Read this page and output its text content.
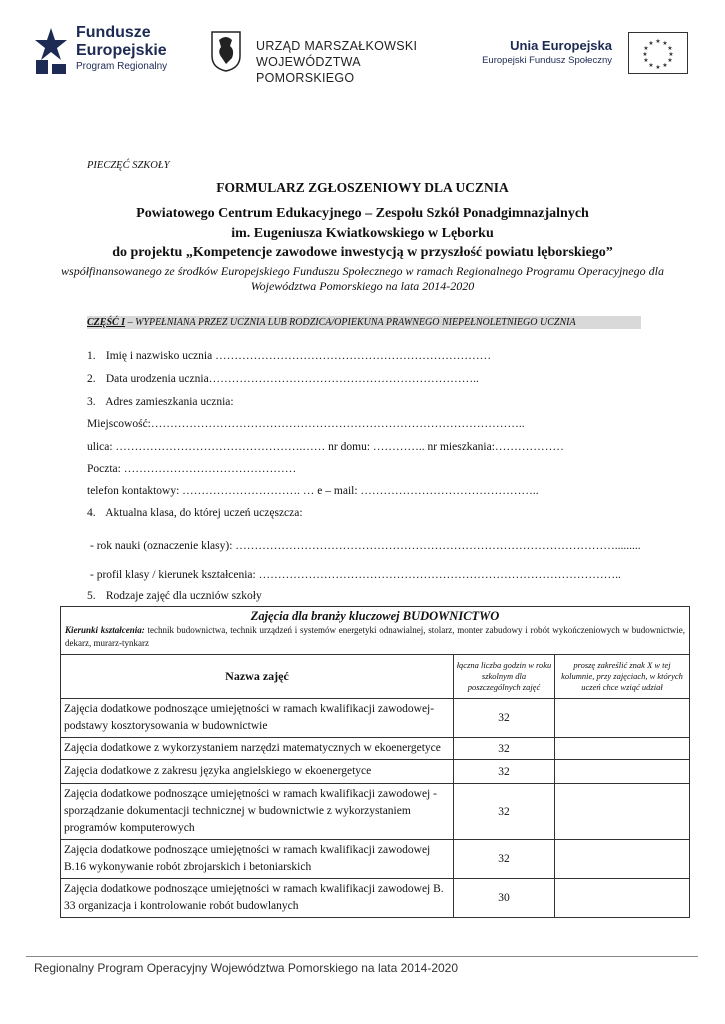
Fundusze
Europejskie
Program Regionalny
URZĄD MARSZAŁKOWSKI
WOJEWÓDZTWA POMORSKIEGO
Unia Europejska
Europejski Fundusz Społeczny
★ ★
★
★
★
★
★
★
★
★
★
★
PIECZĘĆ SZKOŁY
FORMULARZ ZGŁOSZENIOWY DLA UCZNIA
Powiatowego Centrum Edukacyjnego – Zespołu Szkół Ponadgimnazjalnych
im. Eugeniusza Kwiatkowskiego w Lęborku
do projektu „Kompetencje zawodowe inwestycją w przyszłość powiatu lęborskiego”
współfinansowanego ze środków Europejskiego Funduszu Społecznego w ramach Regionalnego Programu Operacyjnego dla Województwa Pomorskiego na lata 2014-2020
CZĘŚĆ I – WYPEŁNIANA PRZEZ UCZNIA LUB RODZICA/OPIEKUNA PRAWNEGO NIEPEŁNOLETNIEGO UCZNIA
1. Imię i nazwisko ucznia ………………………………………………………………
2. Data urodzenia ucznia……………………………………………………………..
3. Adres zamieszkania ucznia:
Miejscowość:……………………………………………………………………………………..
ulica: ………………………………………….…… nr domu: ………….. nr mieszkania:………………
Poczta: ………………………………………
telefon kontaktowy: …………………………. … e – mail: ………………………………………..
4. Aktualna klasa, do której uczeń uczęszcza:
- rok nauki (oznaczenie klasy): ……………………………………………………………………………………….........
- profil klasy / kierunek kształcenia: …………………………………………………………………………………..
5. Rodzaje zajęć dla uczniów szkoły
Zajęcia dla branży kluczowej BUDOWNICTWO		
Kierunki kształcenia: technik budownictwa, technik urządzeń i systemów energetyki odnawialnej, stolarz, monter zabudowy i robót wykończeniowych w budownictwie, dekarz, murarz-tynkarz		
Nazwa zajęć	łączna liczba godzin w roku szkolnym dla poszczególnych zajęć	proszę zakreślić znak X w tej kolumnie, przy zajęciach, w których uczeń chce wziąć udział
Zajęcia dodatkowe podnoszące umiejętności w ramach kwalifikacji zawodowej-podstawy kosztorysowania w budownictwie	32	
Zajęcia dodatkowe z wykorzystaniem narzędzi matematycznych w ekoenergetyce	32	
Zajęcia dodatkowe z zakresu języka angielskiego w ekoenergetyce	32	
Zajęcia dodatkowe podnoszące umiejętności w ramach kwalifikacji zawodowej - sporządzanie dokumentacji technicznej w budownictwie z wykorzystaniem programów komputerowych	32	
Zajęcia dodatkowe podnoszące umiejętności w ramach kwalifikacji zawodowej B.16 wykonywanie robót zbrojarskich i betoniarskich	32	
Zajęcia dodatkowe podnoszące umiejętności w ramach kwalifikacji zawodowej B. 33 organizacja i kontrolowanie robót budowlanych	30	
Regionalny Program Operacyjny Województwa Pomorskiego na lata 2014-2020
